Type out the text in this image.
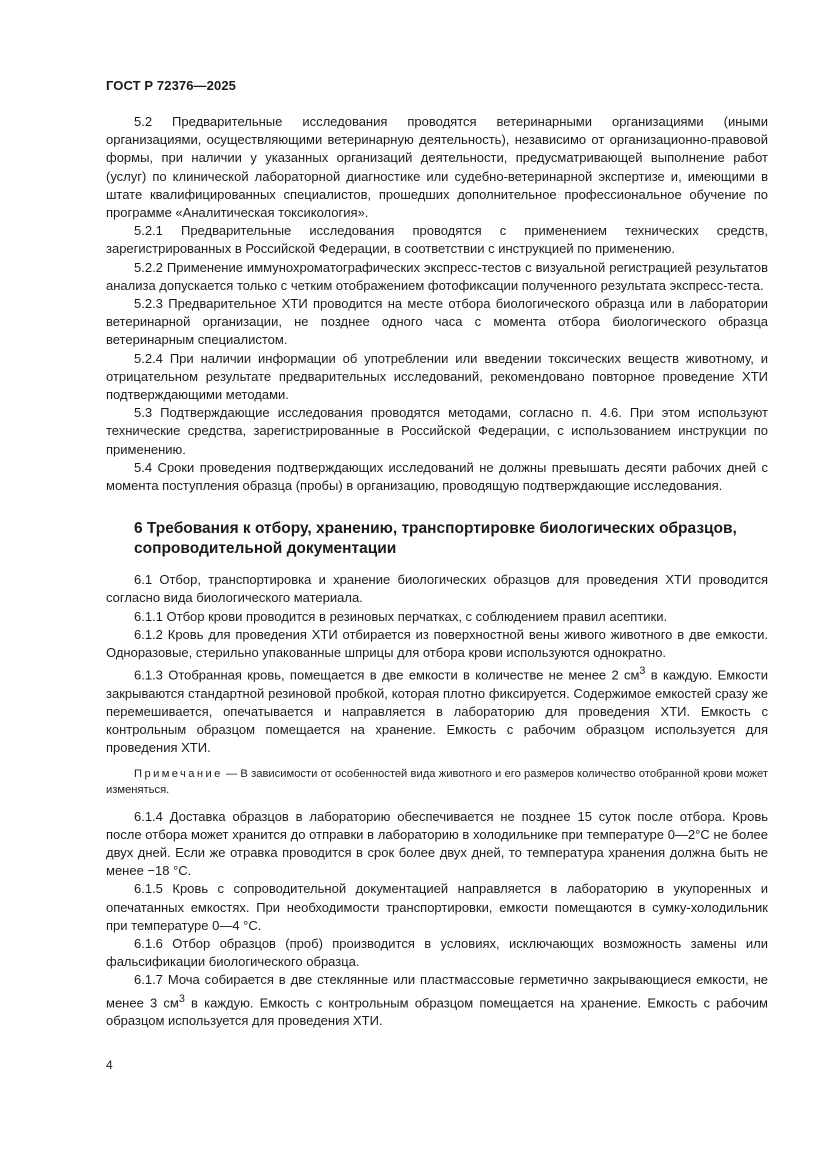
ГОСТ Р 72376—2025

5.2 Предварительные исследования проводятся ветеринарными организациями (иными организациями, осуществляющими ветеринарную деятельность), независимо от организационно-правовой формы, при наличии у указанных организаций деятельности, предусматривающей выполнение работ (услуг) по клинической лабораторной диагностике или судебно-ветеринарной экспертизе и, имеющими в штате квалифицированных специалистов, прошедших дополнительное профессиональное обучение по программе «Аналитическая токсикология».

5.2.1 Предварительные исследования проводятся с применением технических средств, зарегистрированных в Российской Федерации, в соответствии с инструкцией по применению.

5.2.2 Применение иммунохроматографических экспресс-тестов с визуальной регистрацией результатов анализа допускается только с четким отображением фотофиксации полученного результата экспресс-теста.

5.2.3 Предварительное ХТИ проводится на месте отбора биологического образца или в лаборатории ветеринарной организации, не позднее одного часа с момента отбора биологического образца ветеринарным специалистом.

5.2.4 При наличии информации об употреблении или введении токсических веществ животному, и отрицательном результате предварительных исследований, рекомендовано повторное проведение ХТИ подтверждающими методами.

5.3 Подтверждающие исследования проводятся методами, согласно п. 4.6. При этом используют технические средства, зарегистрированные в Российской Федерации, с использованием инструкции по применению.

5.4 Сроки проведения подтверждающих исследований не должны превышать десяти рабочих дней с момента поступления образца (пробы) в организацию, проводящую подтверждающие исследования.

6 Требования к отбору, хранению, транспортировке биологических образцов, сопроводительной документации

6.1 Отбор, транспортировка и хранение биологических образцов для проведения ХТИ проводится согласно вида биологического материала.

6.1.1 Отбор крови проводится в резиновых перчатках, с соблюдением правил асептики.

6.1.2 Кровь для проведения ХТИ отбирается из поверхностной вены живого животного в две емкости. Одноразовые, стерильно упакованные шприцы для отбора крови используются однократно.

6.1.3 Отобранная кровь, помещается в две емкости в количестве не менее 2 $см^3$ в каждую. Емкости закрываются стандартной резиновой пробкой, которая плотно фиксируется. Содержимое емкостей сразу же перемешивается, опечатывается и направляется в лабораторию для проведения ХТИ. Емкость с контрольным образцом помещается на хранение. Емкость с рабочим образцом используется для проведения ХТИ.

Примечание — В зависимости от особенностей вида животного и его размеров количество отобранной крови может изменяться.

6.1.4 Доставка образцов в лабораторию обеспечивается не позднее 15 суток после отбора. Кровь после отбора может хранится до отправки в лабораторию в холодильнике при температуре 0—2°С не более двух дней. Если же отравка проводится в срок более двух дней, то температура хранения должна быть не менее −18 °С.

6.1.5 Кровь с сопроводительной документацией направляется в лабораторию в укупоренных и опечатанных емкостях. При необходимости транспортировки, емкости помещаются в сумку-холодильник при температуре 0—4 °С.

6.1.6 Отбор образцов (проб) производится в условиях, исключающих возможность замены или фальсификации биологического образца.

6.1.7 Моча собирается в две стеклянные или пластмассовые герметично закрывающиеся емкости, не менее 3 $см^3$ в каждую. Емкость с контрольным образцом помещается на хранение. Емкость с рабочим образцом используется для проведения ХТИ.

4
